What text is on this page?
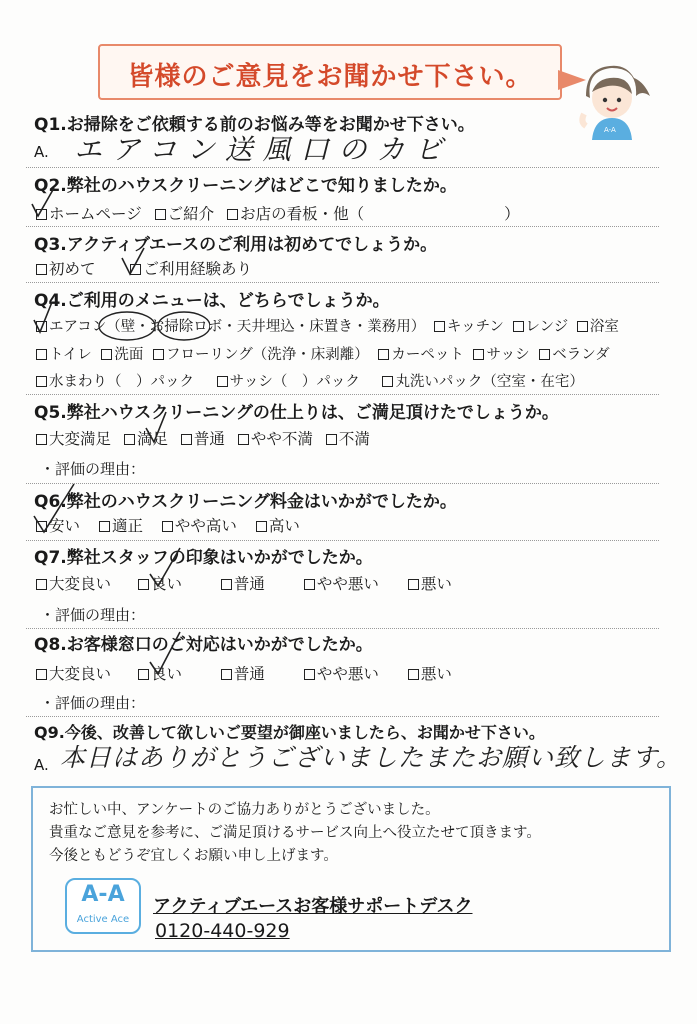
皆様のご意見をお聞かせ下さい。
A-A
Q1.お掃除をご依頼する前のお悩み等をお聞かせ下さい。
A. エアコン送風口のカビ
Q2.弊社のハウスクリーニングはどこで知りましたか。
ホームページ ご紹介 お店の看板・他（	）
Q3.アクティブエースのご利用は初めてでしょうか。
初めて	ご利用経験あり
Q4.ご利用のメニューは、どちらでしょうか。
エアコン（壁・お掃除ロボ・天井埋込・床置き・業務用） キッチン レンジ 浴室
トイレ 洗面 フローリング（洗浄・床剥離） カーペット サッシ ベランダ
水まわり（　）パック サッシ（　）パック 丸洗いパック（空室・在宅）
Q5.弊社ハウスクリーニングの仕上りは、ご満足頂けたでしょうか。
大変満足 満足 普通 やや不満 不満
・評価の理由：
Q6.弊社のハウスクリーニング料金はいかがでしたか。
安い 適正 やや高い 高い
Q7.弊社スタッフの印象はいかがでしたか。
大変良い	良い	普通	やや悪い	悪い
・評価の理由：
Q8.お客様窓口のご対応はいかがでしたか。
大変良い	良い	普通	やや悪い	悪い
・評価の理由：
Q9.今後、改善して欲しいご要望が御座いましたら、お聞かせ下さい。
A. 本日はありがとうございましたまたお願い致します。
お忙しい中、アンケートのご協力ありがとうございました。
貴重なご意見を参考に、ご満足頂けるサービス向上へ役立たせて頂きます。
今後ともどうぞ宜しくお願い申し上げます。
A-A
Active Ace
アクティブエースお客様サポートデスク
0120-440-929
